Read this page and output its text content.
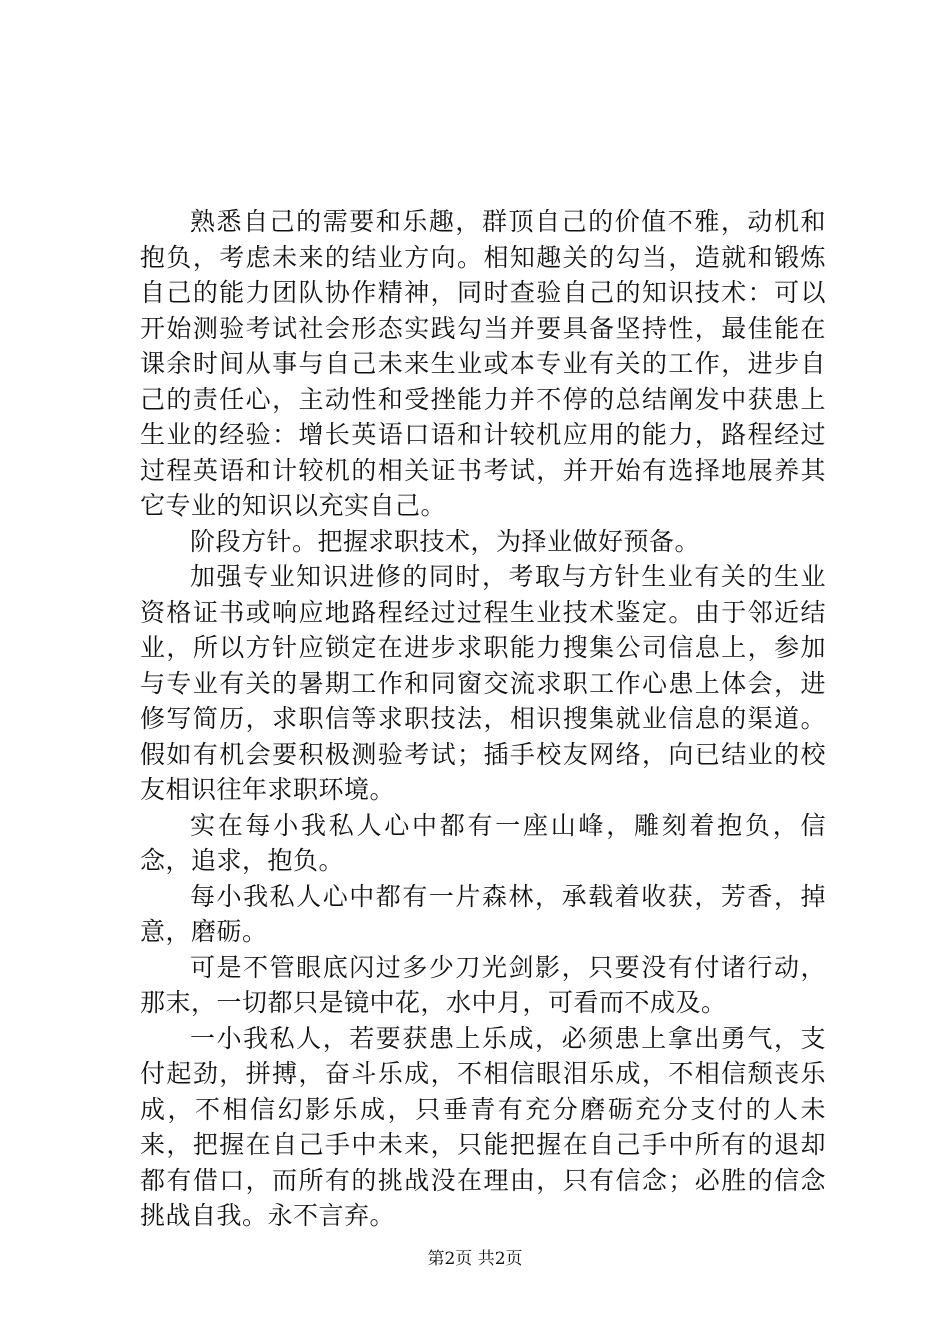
熟悉自己的需要和乐趣，群顶自己的价值不雅，动机和抱负，考虑未来的结业方向。相知趣关的勾当，造就和锻炼自己的能力团队协作精神，同时查验自己的知识技术：可以开始测验考试社会形态实践勾当并要具备坚持性，最佳能在课余时间从事与自己未来生业或本专业有关的工作，进步自己的责任心，主动性和受挫能力并不停的总结阐发中获患上生业的经验：增长英语口语和计较机应用的能力，路程经过过程英语和计较机的相关证书考试，并开始有选择地展养其它专业的知识以充实自己。

阶段方针。把握求职技术，为择业做好预备。

加强专业知识进修的同时，考取与方针生业有关的生业资格证书或响应地路程经过过程生业技术鉴定。由于邻近结业，所以方针应锁定在进步求职能力搜集公司信息上，参加与专业有关的暑期工作和同窗交流求职工作心患上体会，进修写简历，求职信等求职技法，相识搜集就业信息的渠道。假如有机会要积极测验考试；插手校友网络，向已结业的校友相识往年求职环境。

实在每小我私人心中都有一座山峰，雕刻着抱负，信念，追求，抱负。

每小我私人心中都有一片森林，承载着收获，芳香，掉意，磨砺。

可是不管眼底闪过多少刀光剑影，只要没有付诸行动，那末，一切都只是镜中花，水中月，可看而不成及。

一小我私人，若要获患上乐成，必须患上拿出勇气，支付起劲，拼搏，奋斗乐成，不相信眼泪乐成，不相信颓丧乐成，不相信幻影乐成，只垂青有充分磨砺充分支付的人未来，把握在自己手中未来，只能把握在自己手中所有的退却都有借口，而所有的挑战没在理由，只有信念；必胜的信念挑战自我。永不言弃。

第2页 共2页
